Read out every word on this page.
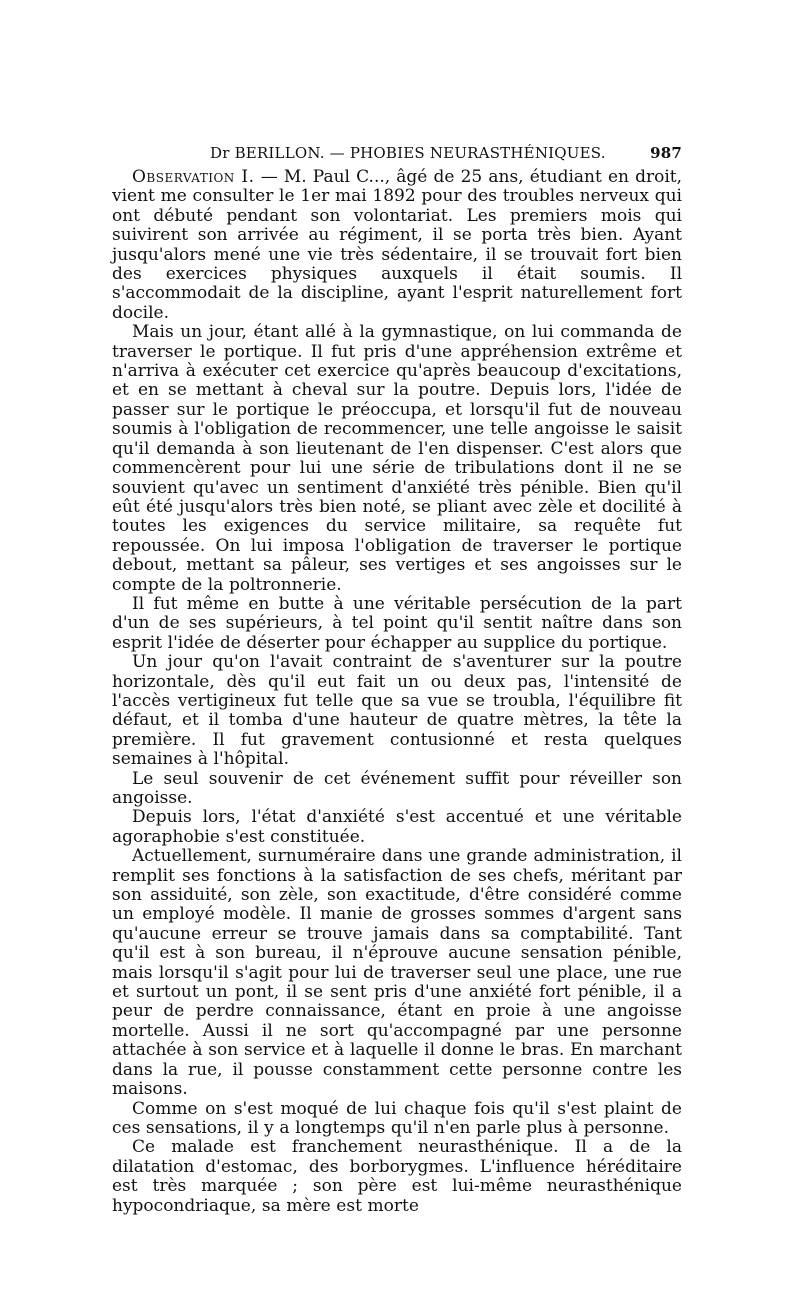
Dr BERILLON. — PHOBIES NEURASTHÉNIQUES.	987

Observation I. — M. Paul C..., âgé de 25 ans, étudiant en droit, vient me consulter le 1er mai 1892 pour des troubles nerveux qui ont débuté pendant son volontariat. Les premiers mois qui suivirent son arrivée au régiment, il se porta très bien. Ayant jusqu'alors mené une vie très sédentaire, il se trouvait fort bien des exercices physiques auxquels il était soumis. Il s'accommodait de la discipline, ayant l'esprit naturellement fort docile.

Mais un jour, étant allé à la gymnastique, on lui commanda de traverser le portique. Il fut pris d'une appréhension extrême et n'arriva à exécuter cet exercice qu'après beaucoup d'excitations, et en se mettant à cheval sur la poutre. Depuis lors, l'idée de passer sur le portique le préoccupa, et lorsqu'il fut de nouveau soumis à l'obligation de recommencer, une telle angoisse le saisit qu'il demanda à son lieutenant de l'en dispenser. C'est alors que commencèrent pour lui une série de tribulations dont il ne se souvient qu'avec un sentiment d'anxiété très pénible. Bien qu'il eût été jusqu'alors très bien noté, se pliant avec zèle et docilité à toutes les exigences du service militaire, sa requête fut repoussée. On lui imposa l'obligation de traverser le portique debout, mettant sa pâleur, ses vertiges et ses angoisses sur le compte de la poltronnerie.

Il fut même en butte à une véritable persécution de la part d'un de ses supérieurs, à tel point qu'il sentit naître dans son esprit l'idée de déserter pour échapper au supplice du portique.

Un jour qu'on l'avait contraint de s'aventurer sur la poutre horizontale, dès qu'il eut fait un ou deux pas, l'intensité de l'accès vertigineux fut telle que sa vue se troubla, l'équilibre fit défaut, et il tomba d'une hauteur de quatre mètres, la tête la première. Il fut gravement contusionné et resta quelques semaines à l'hôpital.

Le seul souvenir de cet événement suffit pour réveiller son angoisse.

Depuis lors, l'état d'anxiété s'est accentué et une véritable agoraphobie s'est constituée.

Actuellement, surnuméraire dans une grande administration, il remplit ses fonctions à la satisfaction de ses chefs, méritant par son assiduité, son zèle, son exactitude, d'être considéré comme un employé modèle. Il manie de grosses sommes d'argent sans qu'aucune erreur se trouve jamais dans sa comptabilité. Tant qu'il est à son bureau, il n'éprouve aucune sensation pénible, mais lorsqu'il s'agit pour lui de traverser seul une place, une rue et surtout un pont, il se sent pris d'une anxiété fort pénible, il a peur de perdre connaissance, étant en proie à une angoisse mortelle. Aussi il ne sort qu'accompagné par une personne attachée à son service et à laquelle il donne le bras. En marchant dans la rue, il pousse constamment cette personne contre les maisons.

Comme on s'est moqué de lui chaque fois qu'il s'est plaint de ces sensations, il y a longtemps qu'il n'en parle plus à personne.

Ce malade est franchement neurasthénique. Il a de la dilatation d'estomac, des borborygmes. L'influence héréditaire est très marquée ; son père est lui-même neurasthénique hypocondriaque, sa mère est morte
